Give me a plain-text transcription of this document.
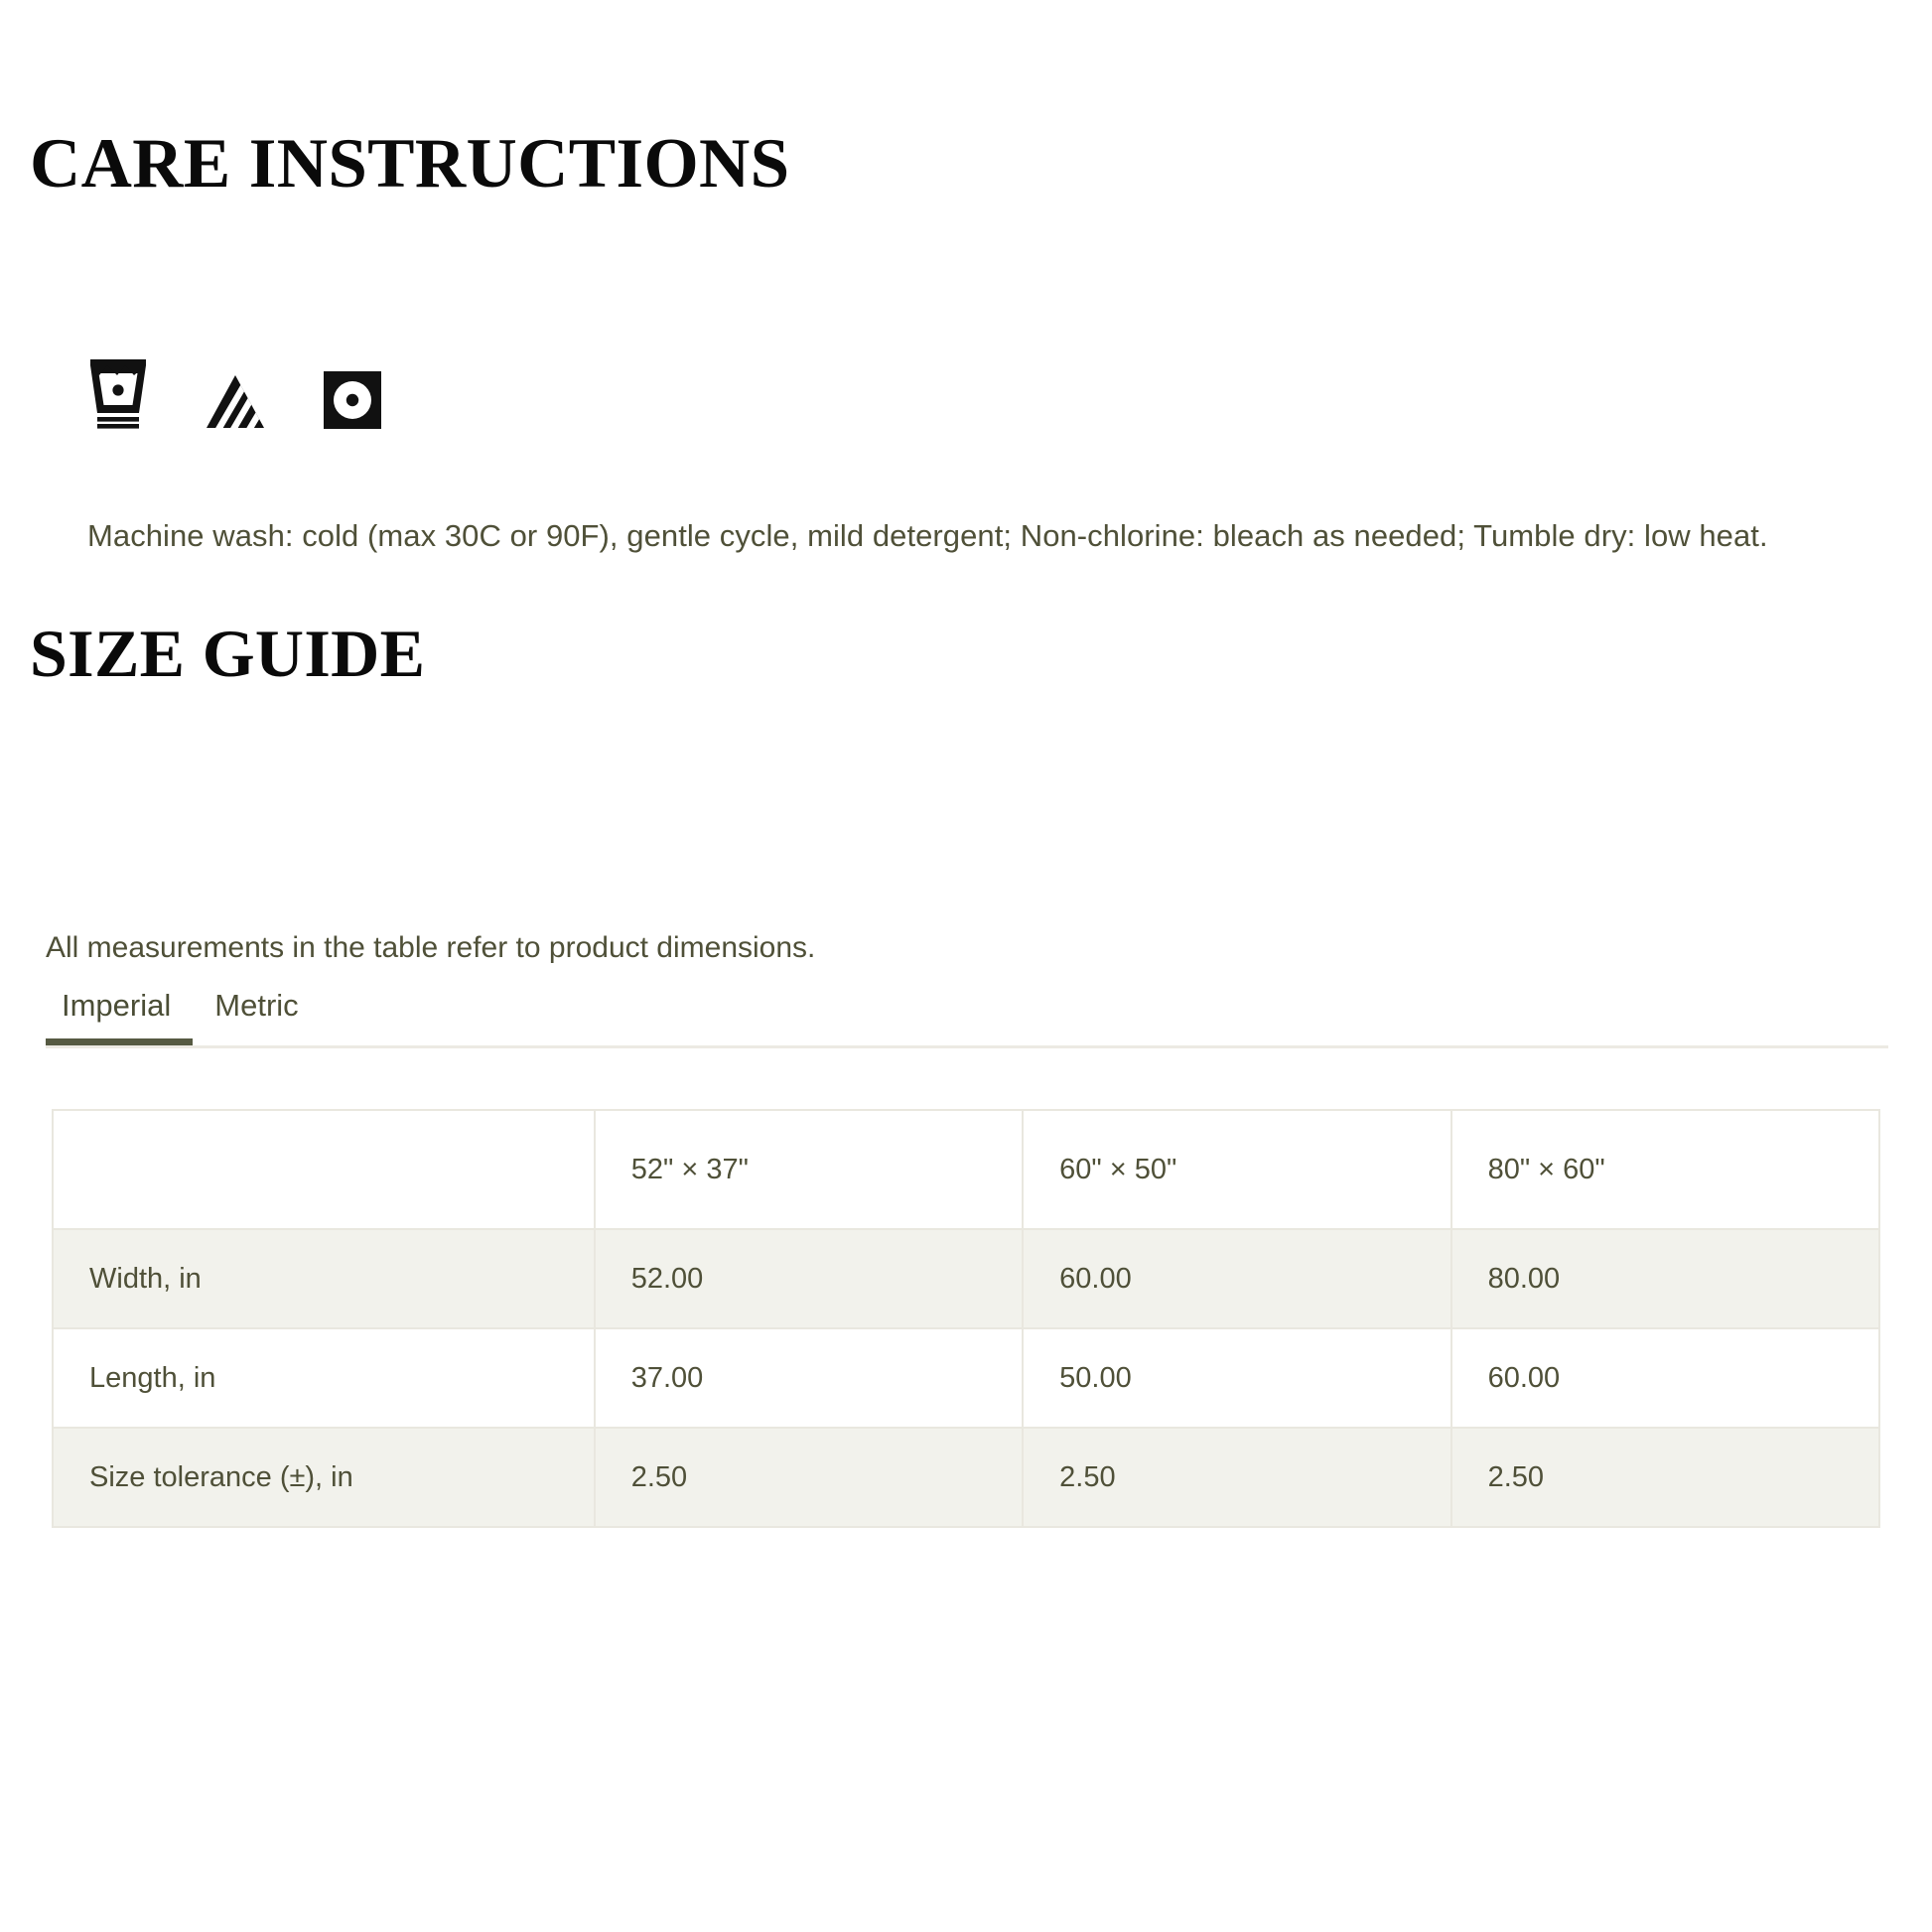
CARE INSTRUCTIONS

Machine wash: cold (max 30C or 90F), gentle cycle, mild detergent; Non-chlorine: bleach as needed; Tumble dry: low heat.

SIZE GUIDE

All measurements in the table refer to product dimensions.

Imperial	Metric
	52" × 37"	60" × 50"	80" × 60"
Width, in	52.00	60.00	80.00
Length, in	37.00	50.00	60.00
Size tolerance (±), in	2.50	2.50	2.50
